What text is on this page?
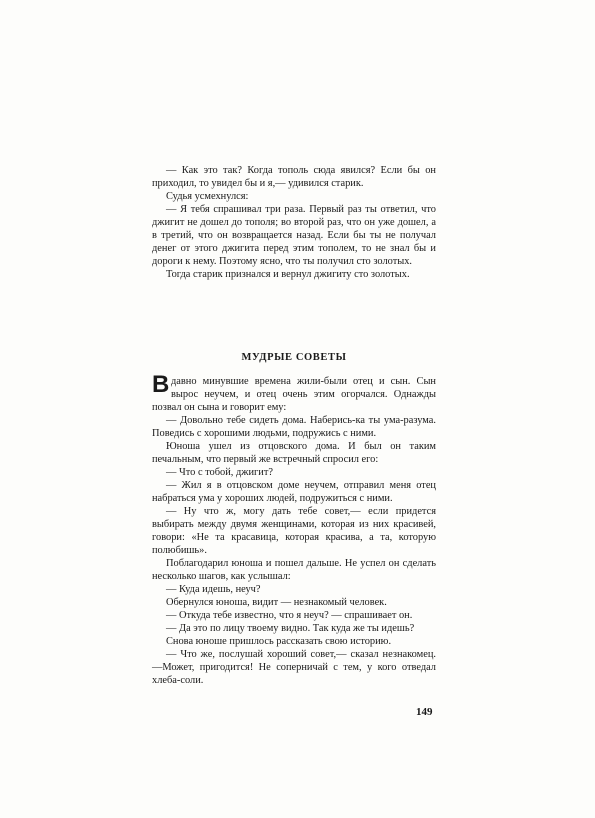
— Как это так? Когда тополь сюда явился? Если бы он приходил, то увидел бы и я,— удивился старик.

Судья усмехнулся:

— Я тебя спрашивал три раза. Первый раз ты ответил, что джигит не дошел до тополя; во второй раз, что он уже дошел, а в третий, что он возвращается назад. Если бы ты не получал денег от этого джигита перед этим тополем, то не знал бы и дороги к нему. Поэтому ясно, что ты получил сто золотых.

Тогда старик признался и вернул джигиту сто золотых.

МУДРЫЕ СОВЕТЫ

Вдавно минувшие времена жили-были отец и сын. Сын вырос неучем, и отец очень этим огорчался. Однажды позвал он сына и говорит ему:

— Довольно тебе сидеть дома. Наберись-ка ты ума-разума. Поведись с хорошими людьми, подружись с ними.

Юноша ушел из отцовского дома. И был он таким печальным, что первый же встречный спросил его:

— Что с тобой, джигит?

— Жил я в отцовском доме неучем, отправил меня отец набраться ума у хороших людей, подружиться с ними.

— Ну что ж, могу дать тебе совет,— если придется выбирать между двумя женщинами, которая из них красивей, говори: «Не та красавица, которая красива, а та, которую полюбишь».

Поблагодарил юноша и пошел дальше. Не успел он сделать несколько шагов, как услышал:

— Куда идешь, неуч?

Обернулся юноша, видит — незнакомый человек.

— Откуда тебе известно, что я неуч? — спрашивает он.

— Да это по лицу твоему видно. Так куда же ты идешь?

Снова юноше пришлось рассказать свою историю.

— Что же, послушай хороший совет,— сказал незнакомец. —Может, пригодится! Не соперничай с тем, у кого отведал хлеба-соли.

149
